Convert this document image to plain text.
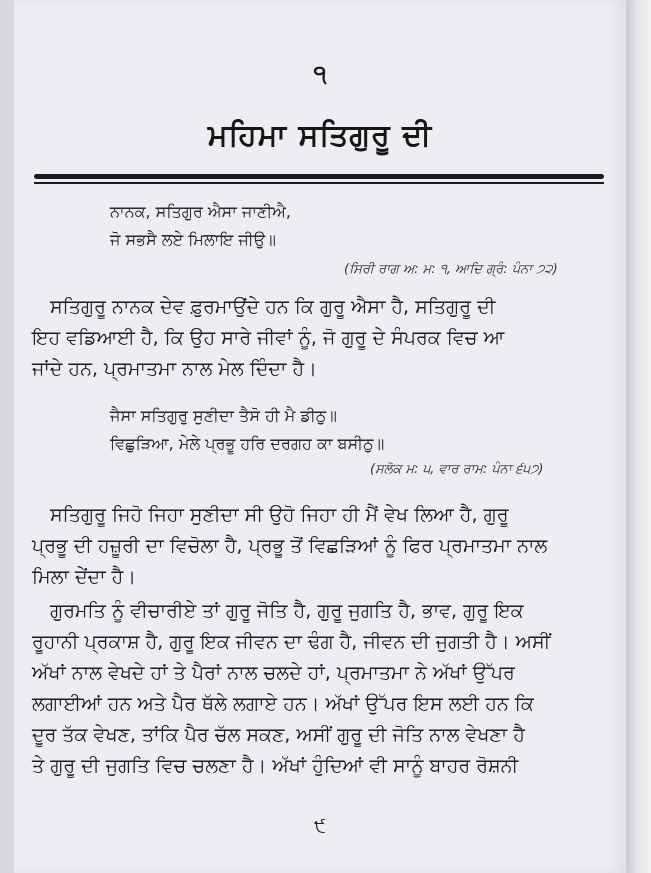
੧
ਮਹਿਮਾ ਸਤਿਗੁਰੂ ਦੀ
ਨਾਨਕ, ਸਤਿਗੁਰ ਐਸਾ ਜਾਣੀਐ,
ਜੋ ਸਭਸੈ ਲਏ ਮਿਲਾਇ ਜੀਉ॥
(ਸਿਰੀ ਰਾਗ ਅ: ਮ: ੧, ਆਦਿ ਗ੍ਰੰ: ਪੰਨਾ ੭੨)
ਸਤਿਗੁਰੂ ਨਾਨਕ ਦੇਵ ਫ਼ੁਰਮਾਉਂਦੇ ਹਨ ਕਿ ਗੁਰੂ ਐਸਾ ਹੈ, ਸਤਿਗੁਰੂ ਦੀ
ਇਹ ਵਡਿਆਈ ਹੈ, ਕਿ ਉਹ ਸਾਰੇ ਜੀਵਾਂ ਨੂੰ, ਜੋ ਗੁਰੂ ਦੇ ਸੰਪਰਕ ਵਿਚ ਆ
ਜਾਂਦੇ ਹਨ, ਪ੍ਰਮਾਤਮਾ ਨਾਲ ਮੇਲ ਦਿੰਦਾ ਹੈ।
ਜੈਸਾ ਸਤਿਗੁਰੁ ਸੁਣੀਦਾ ਤੈਸੋ ਹੀ ਮੈ ਡੀਠੁ॥
ਵਿਛੁੜਿਆ, ਮੇਲੇ ਪ੍ਰਭੂ ਹਰਿ ਦਰਗਹ ਕਾ ਬਸੀਠੁ॥
(ਸਲੋਕ ਮ: ੫, ਵਾਰ ਰਾਮ: ਪੰਨਾ ੬੫੭)
ਸਤਿਗੁਰੂ ਜਿਹੋ ਜਿਹਾ ਸੁਣੀਦਾ ਸੀ ਉਹੋ ਜਿਹਾ ਹੀ ਮੈਂ ਵੇਖ ਲਿਆ ਹੈ, ਗੁਰੂ
ਪ੍ਰਭੂ ਦੀ ਹਜ਼ੂਰੀ ਦਾ ਵਿਚੋਲਾ ਹੈ, ਪ੍ਰਭੂ ਤੋਂ ਵਿਛੜਿਆਂ ਨੂੰ ਫਿਰ ਪ੍ਰਮਾਤਮਾ ਨਾਲ
ਮਿਲਾ ਦੇਂਦਾ ਹੈ।
ਗੁਰਮਤਿ ਨੂੰ ਵੀਚਾਰੀਏ ਤਾਂ ਗੁਰੂ ਜੋਤਿ ਹੈ, ਗੁਰੂ ਜੁਗਤਿ ਹੈ, ਭਾਵ, ਗੁਰੂ ਇਕ
ਰੂਹਾਨੀ ਪ੍ਰਕਾਸ਼ ਹੈ, ਗੁਰੂ ਇਕ ਜੀਵਨ ਦਾ ਢੰਗ ਹੈ, ਜੀਵਨ ਦੀ ਜੁਗਤੀ ਹੈ। ਅਸੀਂ
ਅੱਖਾਂ ਨਾਲ ਵੇਖਦੇ ਹਾਂ ਤੇ ਪੈਰਾਂ ਨਾਲ ਚਲਦੇ ਹਾਂ, ਪ੍ਰਮਾਤਮਾ ਨੇ ਅੱਖਾਂ ਉੱਪਰ
ਲਗਾਈਆਂ ਹਨ ਅਤੇ ਪੈਰ ਥੱਲੇ ਲਗਾਏ ਹਨ। ਅੱਖਾਂ ਉੱਪਰ ਇਸ ਲਈ ਹਨ ਕਿ
ਦੂਰ ਤੱਕ ਵੇਖਣ, ਤਾਂਕਿ ਪੈਰ ਚੱਲ ਸਕਣ, ਅਸੀਂ ਗੁਰੂ ਦੀ ਜੋਤਿ ਨਾਲ ਵੇਖਣਾ ਹੈ
ਤੇ ਗੁਰੂ ਦੀ ਜੁਗਤਿ ਵਿਚ ਚਲਣਾ ਹੈ। ਅੱਖਾਂ ਹੁੰਦਿਆਂ ਵੀ ਸਾਨੂੰ ਬਾਹਰ ਰੋਸ਼ਨੀ
੯
